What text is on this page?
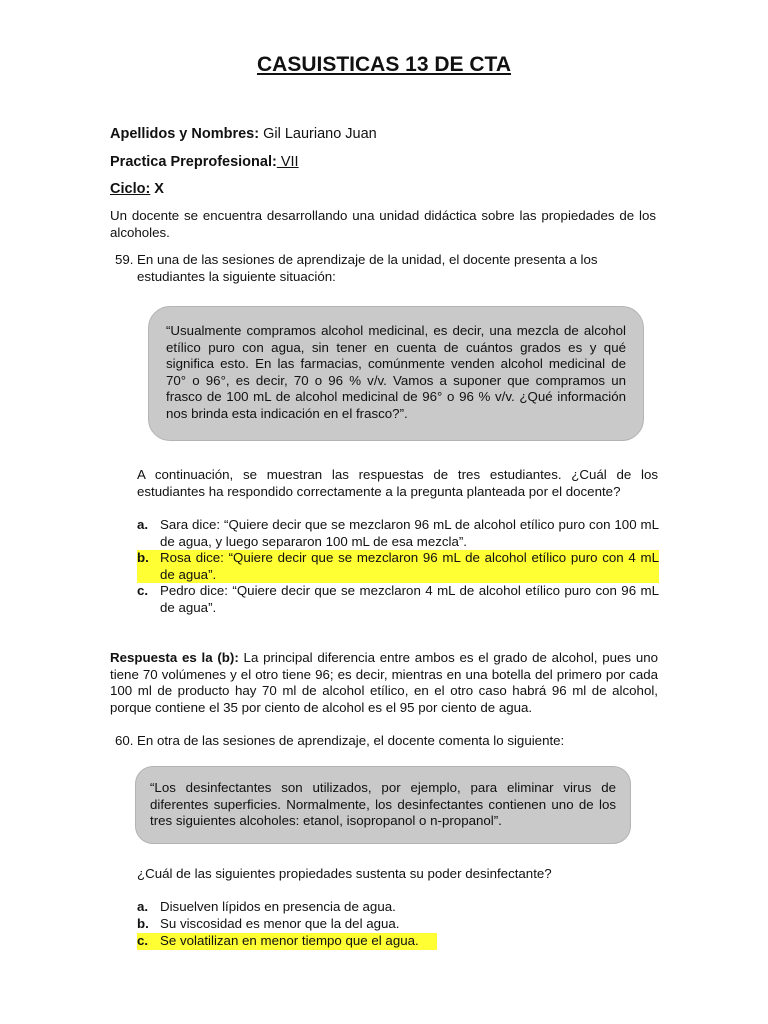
CASUISTICAS 13 DE CTA
Apellidos y Nombres: Gil Lauriano Juan
Practica Preprofesional: VII
Ciclo: X
Un docente se encuentra desarrollando una unidad didáctica sobre las propiedades de los alcoholes.
59. En una de las sesiones de aprendizaje de la unidad, el docente presenta a los estudiantes la siguiente situación:

“Usualmente compramos alcohol medicinal, es decir, una mezcla de alcohol etílico puro con agua, sin tener en cuenta de cuántos grados es y qué significa esto. En las farmacias, comúnmente venden alcohol medicinal de 70° o 96°, es decir, 70 o 96 % v/v. Vamos a suponer que compramos un frasco de 100 mL de alcohol medicinal de 96° o 96 % v/v. ¿Qué información nos brinda esta indicación en el frasco?”.

A continuación, se muestran las respuestas de tres estudiantes. ¿Cuál de los estudiantes ha respondido correctamente a la pregunta planteada por el docente?
a. Sara dice: “Quiere decir que se mezclaron 96 mL de alcohol etílico puro con 100 mL de agua, y luego separaron 100 mL de esa mezcla”.
b. Rosa dice: “Quiere decir que se mezclaron 96 mL de alcohol etílico puro con 4 mL de agua”.
c. Pedro dice: “Quiere decir que se mezclaron 4 mL de alcohol etílico puro con 96 mL de agua”.
Respuesta es la (b): La principal diferencia entre ambos es el grado de alcohol, pues uno tiene 70 volúmenes y el otro tiene 96; es decir, mientras en una botella del primero por cada 100 ml de producto hay 70 ml de alcohol etílico, en el otro caso habrá 96 ml de alcohol, porque contiene el 35 por ciento de alcohol es el 95 por ciento de agua.
60. En otra de las sesiones de aprendizaje, el docente comenta lo siguiente:

“Los desinfectantes son utilizados, por ejemplo, para eliminar virus de diferentes superficies. Normalmente, los desinfectantes contienen uno de los tres siguientes alcoholes: etanol, isopropanol o n-propanol”.

¿Cuál de las siguientes propiedades sustenta su poder desinfectante?
a. Disuelven lípidos en presencia de agua.
b. Su viscosidad es menor que la del agua.
c. Se volatilizan en menor tiempo que el agua.
